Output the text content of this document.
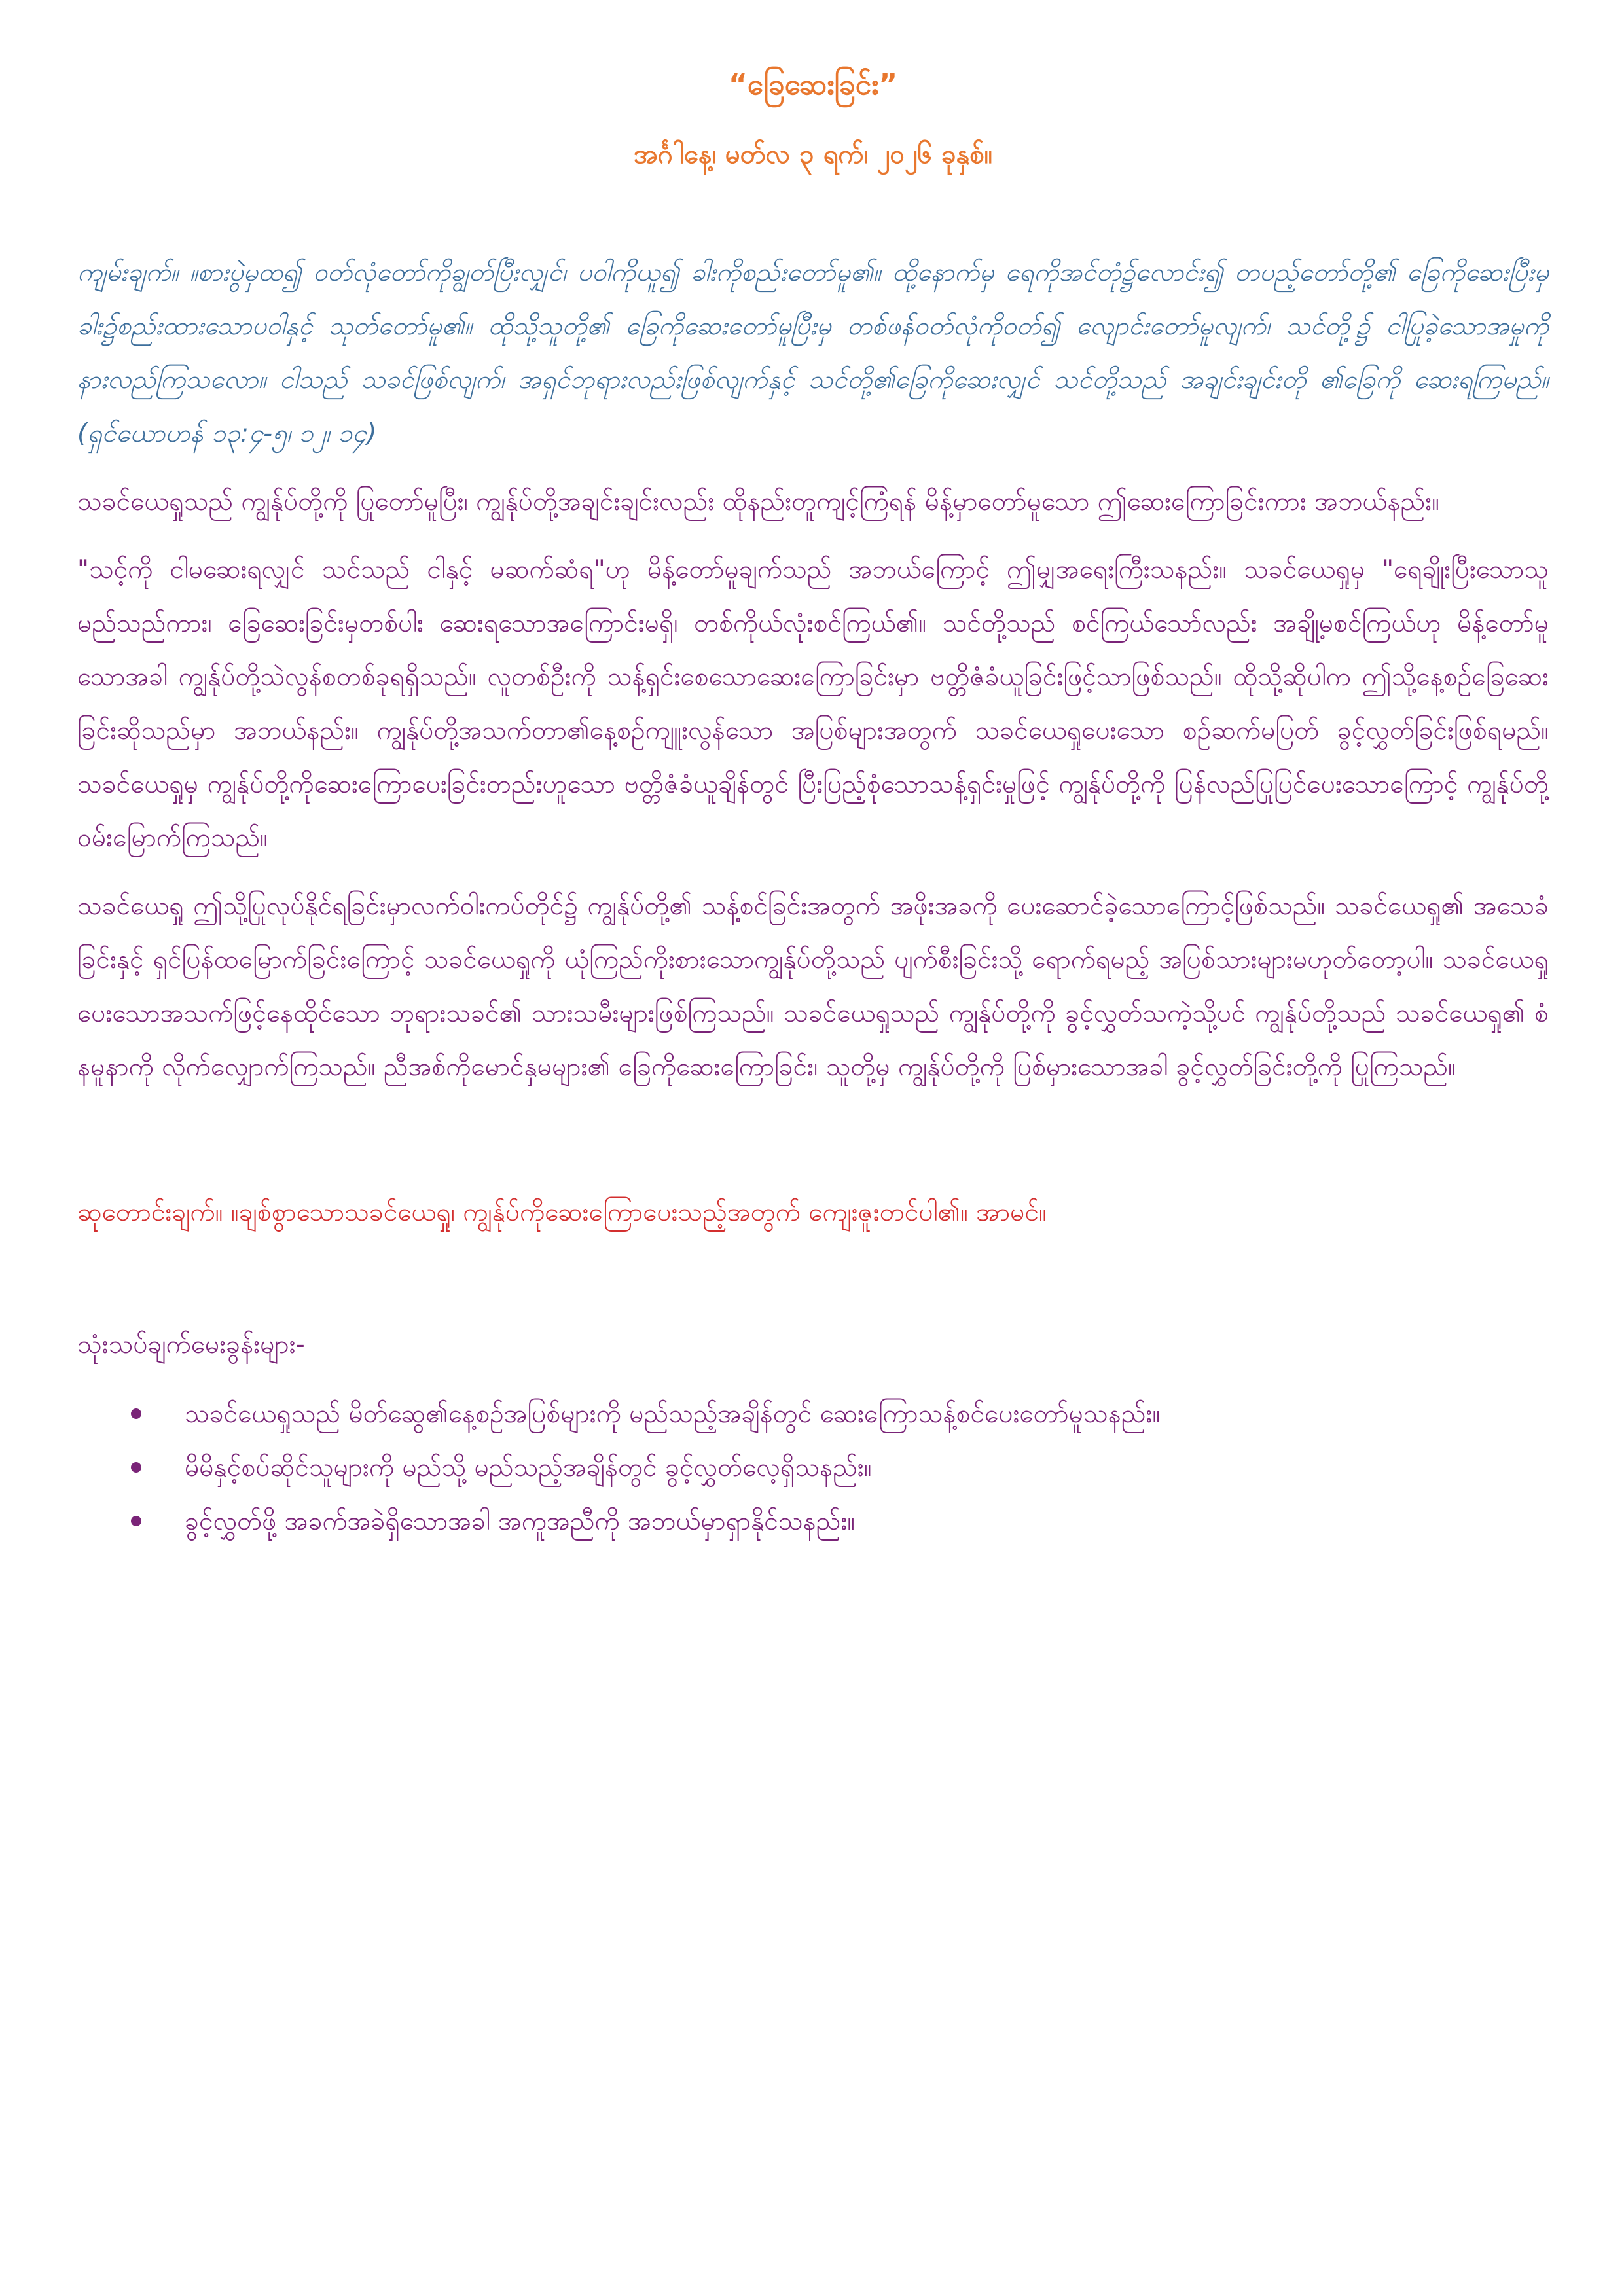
“ခြေဆေးခြင်း”

အင်္ဂါနေ့၊ မတ်လ ၃ ရက်၊ ၂၀၂၆ ခုနှစ်။

ကျမ်းချက်။ ။စားပွဲမှထ၍ ဝတ်လုံတော်ကိုချွတ်ပြီးလျှင်၊ ပဝါကိုယူ၍ ခါးကိုစည်းတော်မူ၏။ ထို့နောက်မှ ရေကိုအင်တုံ၌လောင်း၍ တပည့်တော်တို့၏ ခြေကိုဆေးပြီးမှ ခါး၌စည်းထားသောပဝါနှင့် သုတ်တော်မူ၏။ ထိုသို့သူတို့၏ ခြေကိုဆေးတော်မူပြီးမှ တစ်ဖန်ဝတ်လုံကိုဝတ်၍ လျောင်းတော်မူလျက်၊ သင်တို့၌ ငါပြုခဲ့သောအမှုကို နားလည်ကြသလော။ ငါသည် သခင်ဖြစ်လျက်၊ အရှင်ဘုရားလည်းဖြစ်လျက်နှင့် သင်တို့၏ခြေကိုဆေးလျှင် သင်တို့သည် အချင်းချင်းတို ၏ခြေကို ဆေးရကြမည်။ (ရှင်ယောဟန် ၁၃:၄-၅၊ ၁၂၊ ၁၄)

သခင်ယေရှုသည် ကျွန်ုပ်တို့ကို ပြုတော်မူပြီး၊ ကျွန်ုပ်တို့အချင်းချင်းလည်း ထိုနည်းတူကျင့်ကြံရန် မိန့်မှာတော်မူသော ဤဆေးကြောခြင်းကား အဘယ်နည်း။

"သင့်ကို ငါမဆေးရလျှင် သင်သည် ငါနှင့် မဆက်ဆံရ"ဟု မိန့်တော်မူချက်သည် အဘယ်ကြောင့် ဤမျှအရေးကြီးသနည်း။ သခင်ယေရှုမှ "ရေချိုးပြီးသောသူမည်သည်ကား၊ ခြေဆေးခြင်းမှတစ်ပါး ဆေးရသောအကြောင်းမရှိ၊ တစ်ကိုယ်လုံးစင်ကြယ်၏။ သင်တို့သည် စင်ကြယ်သော်လည်း အချို့မစင်ကြယ်ဟု မိန့်တော်မူသောအခါ ကျွန်ုပ်တို့သဲလွန်စတစ်ခုရရှိသည်။ လူတစ်ဦးကို သန့်ရှင်းစေသောဆေးကြောခြင်းမှာ ဗတ္တိဇံခံယူခြင်းဖြင့်သာဖြစ်သည်။ ထိုသို့ဆိုပါက ဤသို့နေ့စဉ်ခြေဆေးခြင်းဆိုသည်မှာ အဘယ်နည်း။ ကျွန်ုပ်တို့အသက်တာ၏နေ့စဉ်ကျူးလွန်သော အပြစ်များအတွက် သခင်ယေရှုပေးသော စဉ်ဆက်မပြတ် ခွင့်လွှတ်ခြင်းဖြစ်ရမည်။ သခင်ယေရှုမှ ကျွန်ုပ်တို့ကိုဆေးကြောပေးခြင်းတည်းဟူသော ဗတ္တိဇံခံယူချိန်တွင် ပြီးပြည့်စုံသောသန့်ရှင်းမှုဖြင့် ကျွန်ုပ်တို့ကို ပြန်လည်ပြုပြင်ပေးသောကြောင့် ကျွန်ုပ်တို့ဝမ်းမြောက်ကြသည်။

သခင်ယေရှု ဤသို့ပြုလုပ်နိုင်ရခြင်းမှာလက်ဝါးကပ်တိုင်၌ ကျွန်ုပ်တို့၏ သန့်စင်ခြင်းအတွက် အဖိုးအခကို ပေးဆောင်ခဲ့သောကြောင့်ဖြစ်သည်။ သခင်ယေရှု၏ အသေခံခြင်းနှင့် ရှင်ပြန်ထမြောက်ခြင်းကြောင့် သခင်ယေရှုကို ယုံကြည်ကိုးစားသောကျွန်ုပ်တို့သည် ပျက်စီးခြင်းသို့ ရောက်ရမည့် အပြစ်သားများမဟုတ်တော့ပါ။ သခင်ယေရှုပေးသောအသက်ဖြင့်နေထိုင်သော ဘုရားသခင်၏ သားသမီးများဖြစ်ကြသည်။ သခင်ယေရှုသည် ကျွန်ုပ်တို့ကို ခွင့်လွှတ်သကဲ့သို့ပင် ကျွန်ုပ်တို့သည် သခင်ယေရှု၏ စံနမူနာကို လိုက်လျှောက်ကြသည်။ ညီအစ်ကိုမောင်နှမများ၏ ခြေကိုဆေးကြောခြင်း၊ သူတို့မှ ကျွန်ုပ်တို့ကို ပြစ်မှားသောအခါ ခွင့်လွှတ်ခြင်းတို့ကို ပြုကြသည်။

ဆုတောင်းချက်။ ။ချစ်စွာသောသခင်ယေရှု၊ ကျွန်ုပ်ကိုဆေးကြောပေးသည့်အတွက် ကျေးဇူးတင်ပါ၏။ အာမင်။

သုံးသပ်ချက်မေးခွန်းများ-

သခင်ယေရှုသည် မိတ်ဆွေ၏နေ့စဉ်အပြစ်များကို မည်သည့်အချိန်တွင် ဆေးကြောသန့်စင်ပေးတော်မူသနည်း။
မိမိနှင့်စပ်ဆိုင်သူများကို မည်သို့ မည်သည့်အချိန်တွင် ခွင့်လွှတ်လေ့ရှိသနည်း။
ခွင့်လွှတ်ဖို့ အခက်အခဲရှိသောအခါ အကူအညီကို အဘယ်မှာရှာနိုင်သနည်း။
